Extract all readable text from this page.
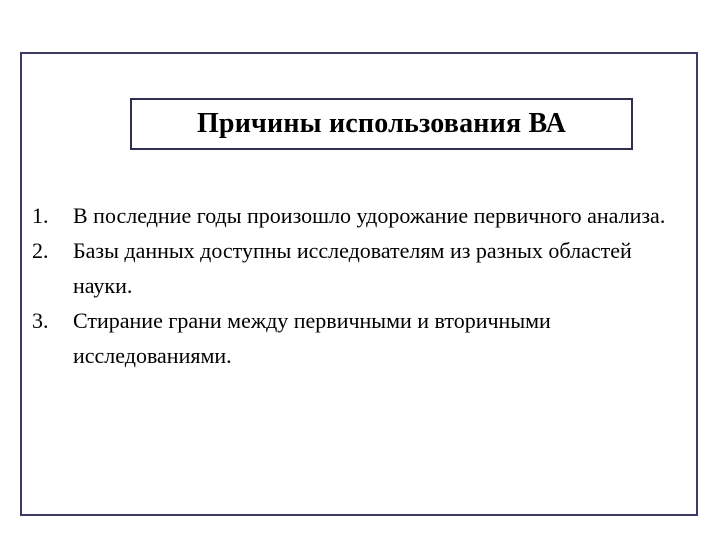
Причины использования ВА
1.	В последние годы произошло удорожание первичного анализа.
2.	Базы данных доступны исследователям из разных областей науки.
3.	Стирание грани между первичными и вторичными исследованиями.
